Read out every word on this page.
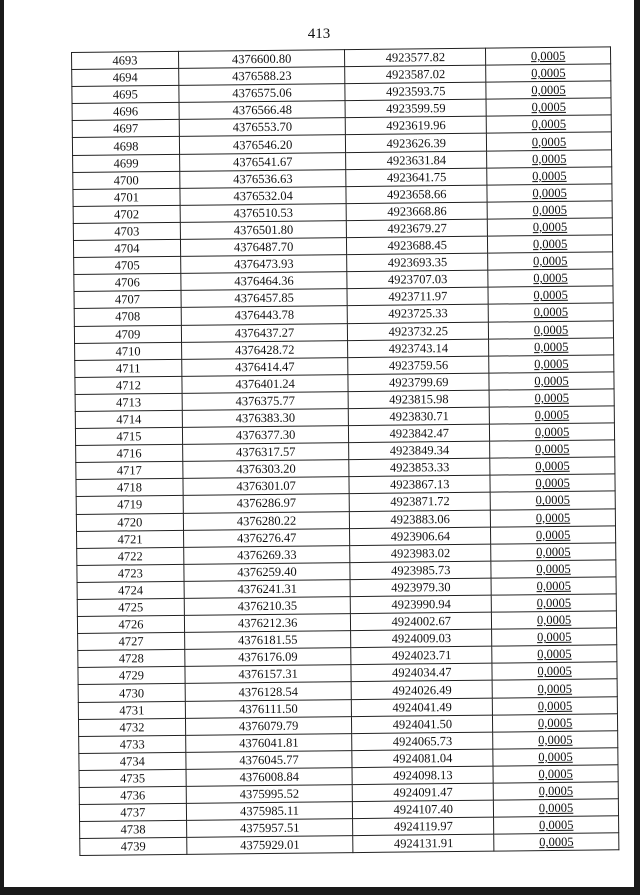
413
4693	4376600.80	4923577.82	0,0005
4694	4376588.23	4923587.02	0,0005
4695	4376575.06	4923593.75	0,0005
4696	4376566.48	4923599.59	0,0005
4697	4376553.70	4923619.96	0,0005
4698	4376546.20	4923626.39	0,0005
4699	4376541.67	4923631.84	0,0005
4700	4376536.63	4923641.75	0,0005
4701	4376532.04	4923658.66	0,0005
4702	4376510.53	4923668.86	0,0005
4703	4376501.80	4923679.27	0,0005
4704	4376487.70	4923688.45	0,0005
4705	4376473.93	4923693.35	0,0005
4706	4376464.36	4923707.03	0,0005
4707	4376457.85	4923711.97	0,0005
4708	4376443.78	4923725.33	0,0005
4709	4376437.27	4923732.25	0,0005
4710	4376428.72	4923743.14	0,0005
4711	4376414.47	4923759.56	0,0005
4712	4376401.24	4923799.69	0,0005
4713	4376375.77	4923815.98	0,0005
4714	4376383.30	4923830.71	0,0005
4715	4376377.30	4923842.47	0,0005
4716	4376317.57	4923849.34	0,0005
4717	4376303.20	4923853.33	0,0005
4718	4376301.07	4923867.13	0,0005
4719	4376286.97	4923871.72	0,0005
4720	4376280.22	4923883.06	0,0005
4721	4376276.47	4923906.64	0,0005
4722	4376269.33	4923983.02	0,0005
4723	4376259.40	4923985.73	0,0005
4724	4376241.31	4923979.30	0,0005
4725	4376210.35	4923990.94	0,0005
4726	4376212.36	4924002.67	0,0005
4727	4376181.55	4924009.03	0,0005
4728	4376176.09	4924023.71	0,0005
4729	4376157.31	4924034.47	0,0005
4730	4376128.54	4924026.49	0,0005
4731	4376111.50	4924041.49	0,0005
4732	4376079.79	4924041.50	0,0005
4733	4376041.81	4924065.73	0,0005
4734	4376045.77	4924081.04	0,0005
4735	4376008.84	4924098.13	0,0005
4736	4375995.52	4924091.47	0,0005
4737	4375985.11	4924107.40	0,0005
4738	4375957.51	4924119.97	0,0005
4739	4375929.01	4924131.91	0,0005
